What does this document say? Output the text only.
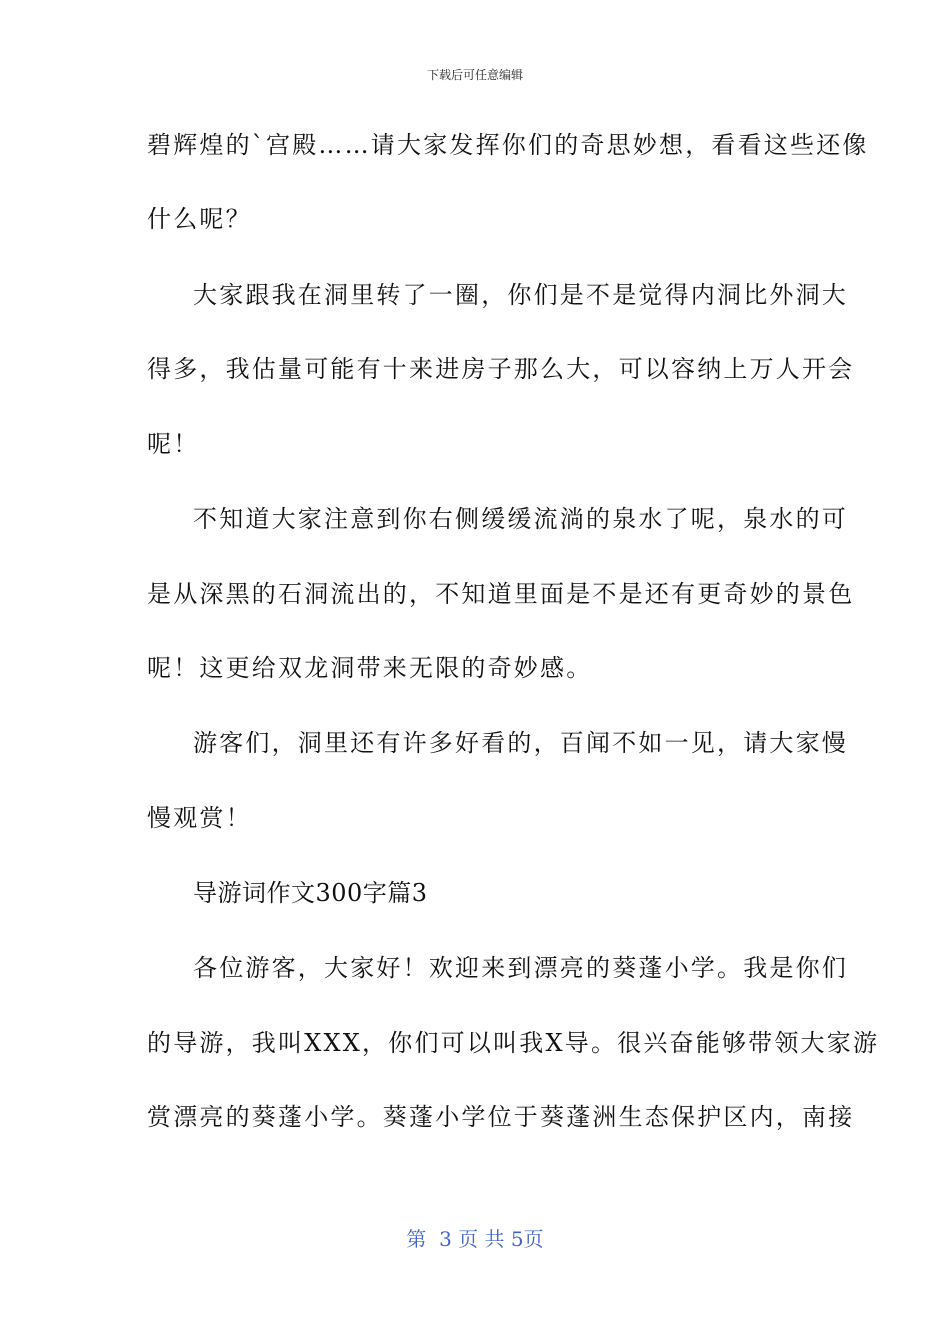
下载后可任意编辑
碧辉煌的`宫殿……请大家发挥你们的奇思妙想，看看这些还像
什么呢？
大家跟我在洞里转了一圈，你们是不是觉得内洞比外洞大
得多，我估量可能有十来进房子那么大，可以容纳上万人开会
呢！
不知道大家注意到你右侧缓缓流淌的泉水了呢，泉水的可
是从深黑的石洞流出的，不知道里面是不是还有更奇妙的景色
呢！这更给双龙洞带来无限的奇妙感。
游客们，洞里还有许多好看的，百闻不如一见，请大家慢
慢观赏！
导游词作文300字篇3
各位游客，大家好！欢迎来到漂亮的葵蓬小学。我是你们
的导游，我叫XXX，你们可以叫我X导。很兴奋能够带领大家游
赏漂亮的葵蓬小学。葵蓬小学位于葵蓬洲生态保护区内，南接
第  3 页 共 5页
